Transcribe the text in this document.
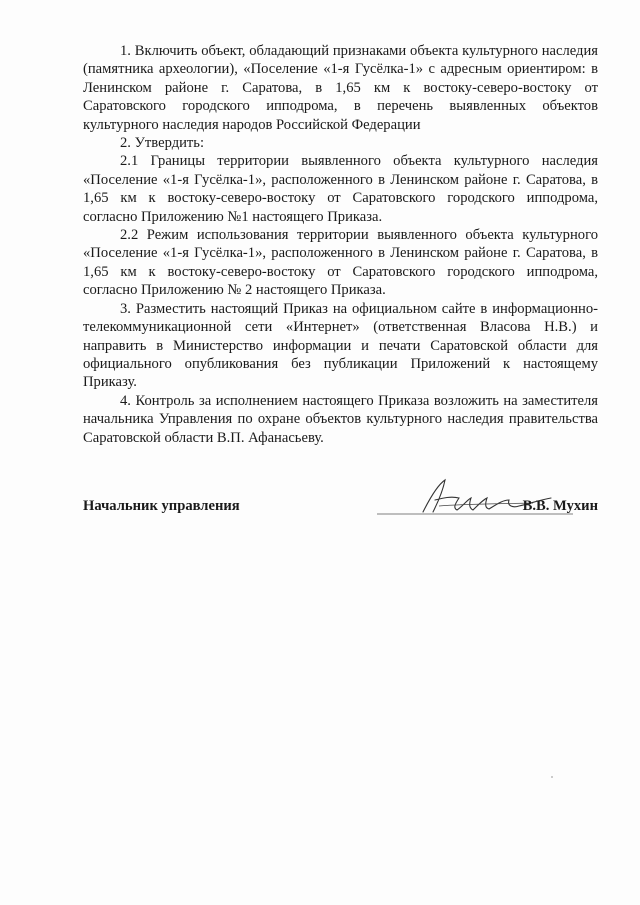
1. Включить объект, обладающий признаками объекта культурного наследия (памятника археологии), «Поселение «1-я Гусёлка-1» с адресным ориентиром: в Ленинском районе г. Саратова, в 1,65 км к востоку-северо-востоку от Саратовского городского ипподрома, в перечень выявленных объектов культурного наследия народов Российской Федерации

2. Утвердить:

2.1 Границы территории выявленного объекта культурного наследия «Поселение «1-я Гусёлка-1», расположенного в Ленинском районе г. Саратова, в 1,65 км к востоку-северо-востоку от Саратовского городского ипподрома, согласно Приложению №1 настоящего Приказа.

2.2 Режим использования территории выявленного объекта культурного «Поселение «1-я Гусёлка-1», расположенного в Ленинском районе г. Саратова, в 1,65 км к востоку-северо-востоку от Саратовского городского ипподрома, согласно Приложению № 2 настоящего Приказа.

3. Разместить настоящий Приказ на официальном сайте в информационно-телекоммуникационной сети «Интернет» (ответственная Власова Н.В.) и направить в Министерство информации и печати Саратовской области для официального опубликования без публикации Приложений к настоящему Приказу.

4. Контроль за исполнением настоящего Приказа возложить на заместителя начальника Управления по охране объектов культурного наследия правительства Саратовской области В.П. Афанасьеву.

Начальник управления	В.В. Мухин
